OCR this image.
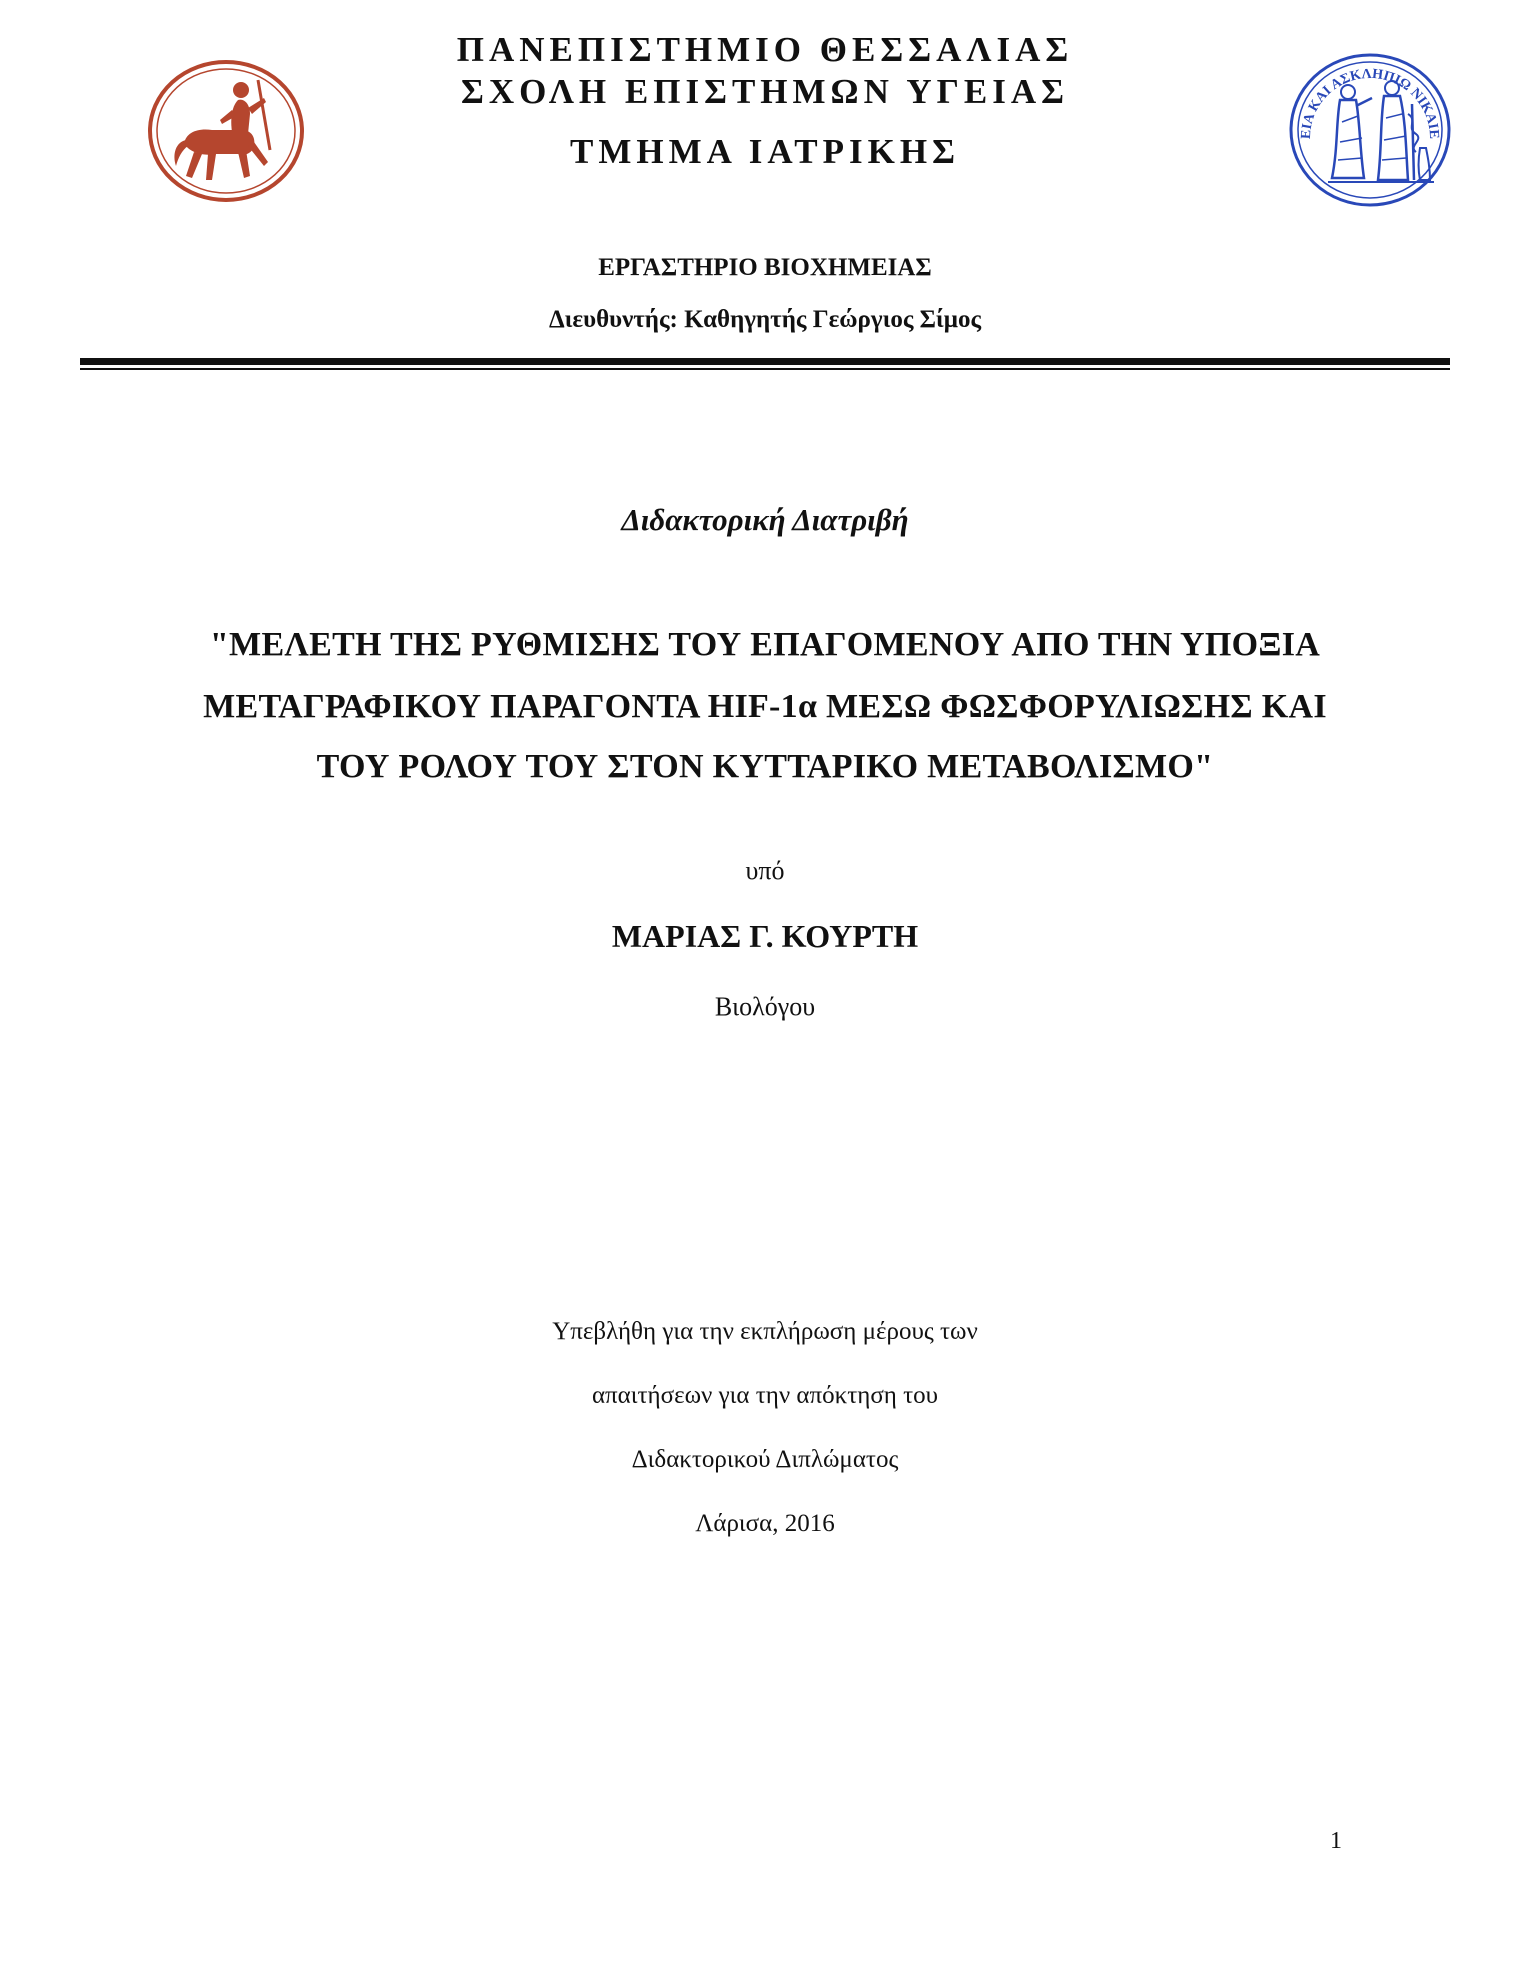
ΕΙΑ ΚΑΙ ΑΣΚΛΗΠΙΩ ΝΙΚΑΙΕ
ΠΑΝΕΠΙΣΤΗΜΙΟ ΘΕΣΣΑΛΙΑΣ
ΣΧΟΛΗ ΕΠΙΣΤΗΜΩΝ ΥΓΕΙΑΣ
ΤΜΗΜΑ ΙΑΤΡΙΚΗΣ
ΕΡΓΑΣΤΗΡΙΟ ΒΙΟΧΗΜΕΙΑΣ
Διευθυντής: Καθηγητής Γεώργιος Σίμος
Διδακτορική Διατριβή
"ΜΕΛΕΤΗ ΤΗΣ ΡΥΘΜΙΣΗΣ ΤΟΥ ΕΠΑΓΟΜΕΝΟΥ ΑΠΟ ΤΗΝ ΥΠΟΞΙΑ
ΜΕΤΑΓΡΑΦΙΚΟΥ ΠΑΡΑΓΟΝΤΑ HIF-1α ΜΕΣΩ ΦΩΣΦΟΡΥΛΙΩΣΗΣ ΚΑΙ
ΤΟΥ ΡΟΛΟΥ ΤΟΥ ΣΤΟΝ ΚΥΤΤΑΡΙΚΟ ΜΕΤΑΒΟΛΙΣΜΟ"
υπό
ΜΑΡΙΑΣ Γ. ΚΟΥΡΤΗ
Βιολόγου
Υπεβλήθη για την εκπλήρωση μέρους των
απαιτήσεων για την απόκτηση του
Διδακτορικού Διπλώματος
Λάρισα, 2016
1
